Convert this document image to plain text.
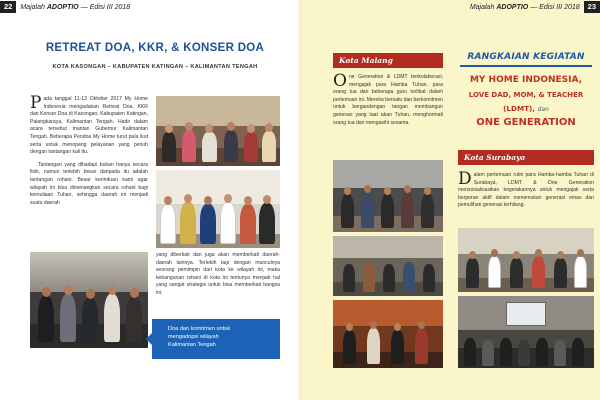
22	Majalah ADOPTIO — Edisi III 2018
RETREAT DOA, KKR, & KONSER DOA
KOTA KASONGAN – KABUPATEN KATINGAN – KALIMANTAN TENGAH

Pada tanggal 11-13 Oktober 2017 My Home Indonesia mengadakan Retreat Doa, KKR dan Konser Doa di Kasongan, Kabupaten Katingan, Palangkaraya, Kalimantan Tengah. Hadir dalam acara tersebut mantan Gubernur Kalimantan Tengah. Beberapa Pendoa My Home turut pula ikut serta untuk menopang pelayanan yang penuh dengan tantangan kali itu.

Tantangan yang dihadapi bukan hanya secara fisik, namun terlebih besar daripada itu adalah tantangan rohani. Besar kerinduan kami agar wilayah ini bisa dimenangkan secara rohani bagi kemuliaan Tuhan, sehingga daerah ini menjadi suatu daerah

yang diberkati dan juga akan memberkati daerah-daerah lainnya. Terlebih lagi dengan munculnya seorang pemimpin dari kota ke wilayah ini, maka kebangunan rohani di kota ini tentunya menjadi hal yang sangat strategis untuk bisa memberkati bangsa ini.

Doa dan komitmen untuk
mengadopsi wilayah
Kalimantan Tengah
Majalah ADOPTIO — Edisi III 2018	23
Kota Malang

One Generation & LDMT berkolaborasi, mengajak para Hamba Tuhan, para orang tua dan beberapa guru terlibat dalam pertemuan ini. Mereka bersatu dan berkomitmen untuk bergandengan tangan membangun generasi yang taat akan Tuhan, menghormati orang tua dan mengasihi sesama.

RANGKAIAN KEGIATAN
MY HOME INDONESIA,
LOVE DAD, MOM, & TEACHER
(LDMT), dan
ONE GENERATION
Kota Surabaya

Dalam pertemuan rutin para Hamba-hamba Tuhan di Surabaya, LDMT & One Generation mensosialisasikan kegerakannya untuk mengajak serta berperan aktif dalam menemukan generasi emas dan pemulihan generasi terhilang.
